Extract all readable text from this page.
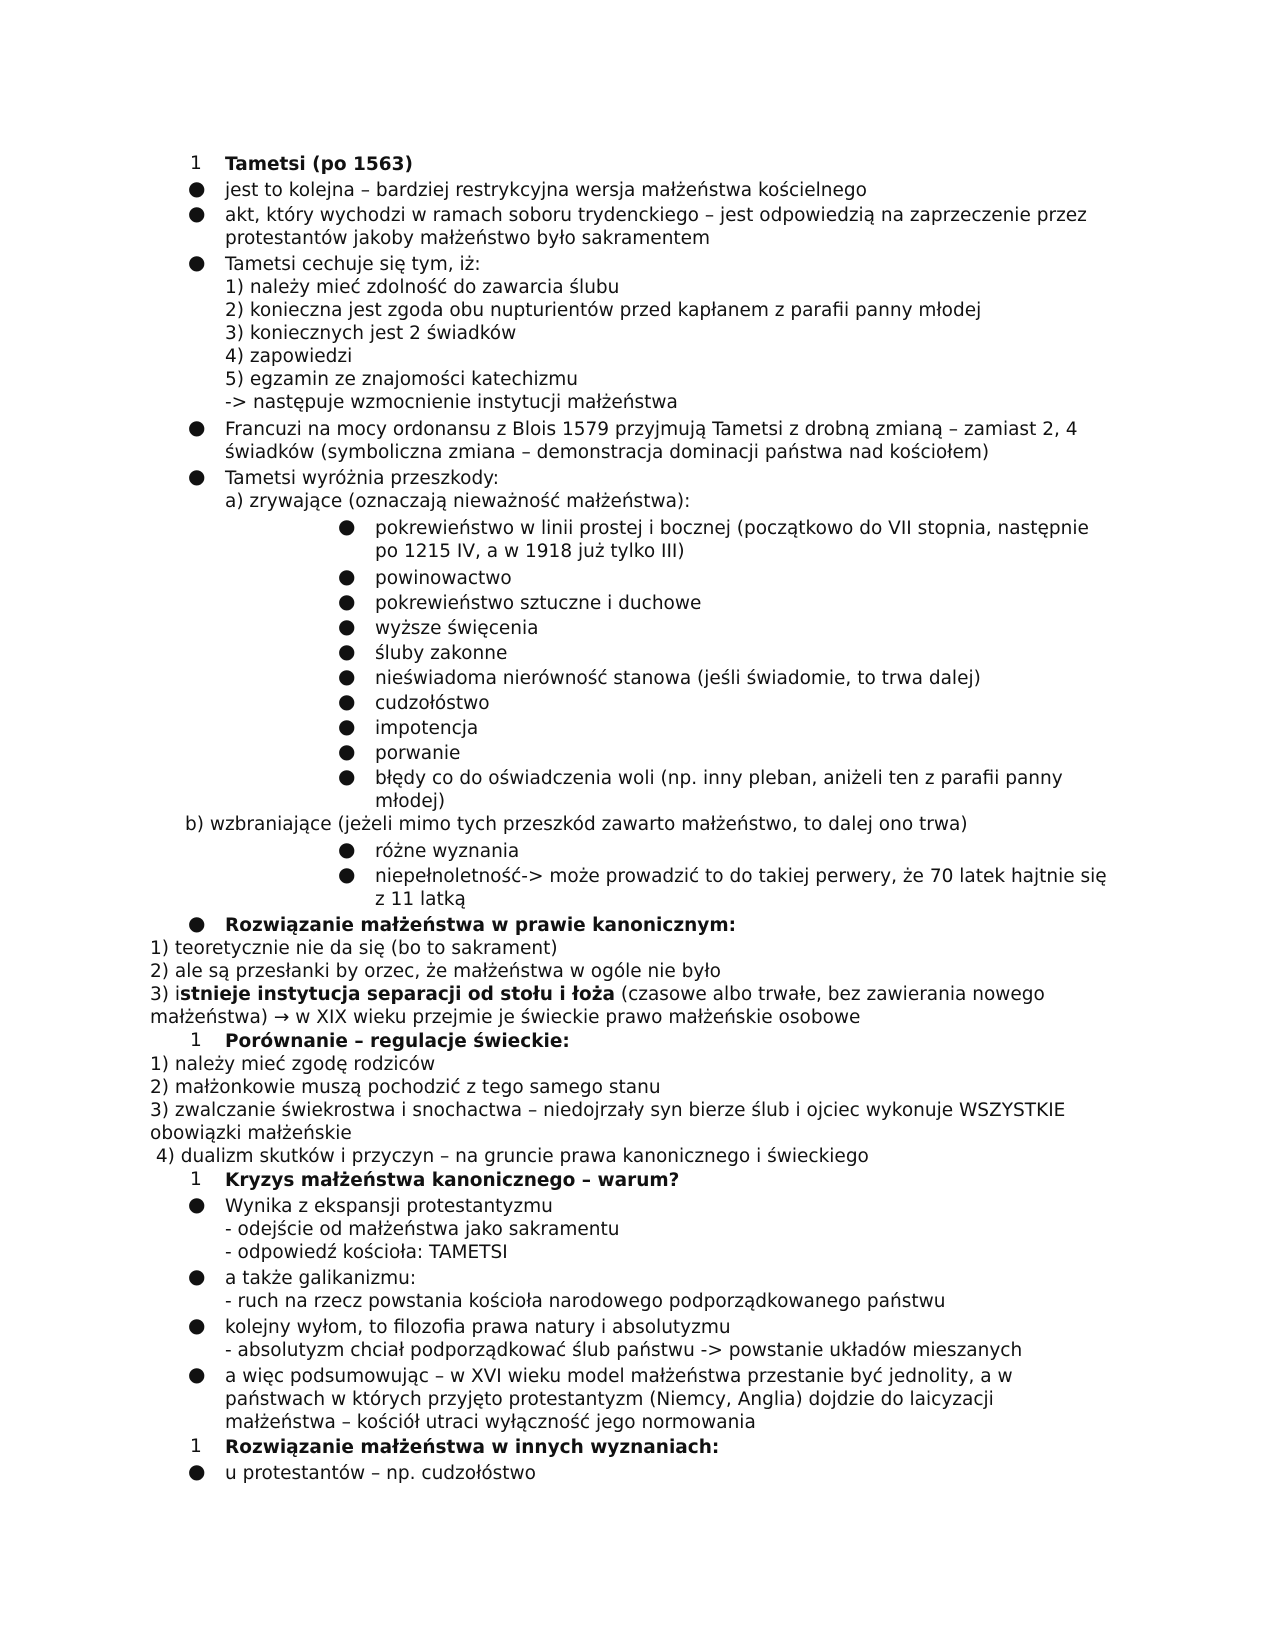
1 Tametsi (po 1563)
● jest to kolejna – bardziej restrykcyjna wersja małżeństwa kościelnego
● akt, który wychodzi w ramach soboru trydenckiego – jest odpowiedzią na zaprzeczenie przez
protestantów jakoby małżeństwo było sakramentem
● Tametsi cechuje się tym, iż:
1) należy mieć zdolność do zawarcia ślubu
2) konieczna jest zgoda obu nupturientów przed kapłanem z parafii panny młodej
3) koniecznych jest 2 świadków
4) zapowiedzi
5) egzamin ze znajomości katechizmu
-> następuje wzmocnienie instytucji małżeństwa
● Francuzi na mocy ordonansu z Blois 1579 przyjmują Tametsi z drobną zmianą – zamiast 2, 4
świadków (symboliczna zmiana – demonstracja dominacji państwa nad kościołem)
● Tametsi wyróżnia przeszkody:
a) zrywające (oznaczają nieważność małżeństwa):
● pokrewieństwo w linii prostej i bocznej (początkowo do VII stopnia, następnie
po 1215 IV, a w 1918 już tylko III)
● powinowactwo
● pokrewieństwo sztuczne i duchowe
● wyższe święcenia
● śluby zakonne
● nieświadoma nierówność stanowa (jeśli świadomie, to trwa dalej)
● cudzołóstwo
● impotencja
● porwanie
● błędy co do oświadczenia woli (np. inny pleban, aniżeli ten z parafii panny
młodej)
b) wzbraniające (jeżeli mimo tych przeszkód zawarto małżeństwo, to dalej ono trwa)
● różne wyznania
● niepełnoletność-> może prowadzić to do takiej perwery, że 70 latek hajtnie się
z 11 latką
● Rozwiązanie małżeństwa w prawie kanonicznym:
1) teoretycznie nie da się (bo to sakrament)
2) ale są przesłanki by orzec, że małżeństwa w ogóle nie było
3) istnieje instytucja separacji od stołu i łoża (czasowe albo trwałe, bez zawierania nowego
małżeństwa) → w XIX wieku przejmie je świeckie prawo małżeńskie osobowe
1 Porównanie – regulacje świeckie:
1) należy mieć zgodę rodziców
2) małżonkowie muszą pochodzić z tego samego stanu
3) zwalczanie świekrostwa i snochactwa – niedojrzały syn bierze ślub i ojciec wykonuje WSZYSTKIE
obowiązki małżeńskie
4) dualizm skutków i przyczyn – na gruncie prawa kanonicznego i świeckiego
1 Kryzys małżeństwa kanonicznego – warum?
● Wynika z ekspansji protestantyzmu
- odejście od małżeństwa jako sakramentu
- odpowiedź kościoła: TAMETSI
● a także galikanizmu:
- ruch na rzecz powstania kościoła narodowego podporządkowanego państwu
● kolejny wyłom, to filozofia prawa natury i absolutyzmu
- absolutyzm chciał podporządkować ślub państwu -> powstanie układów mieszanych
● a więc podsumowując – w XVI wieku model małżeństwa przestanie być jednolity, a w
państwach w których przyjęto protestantyzm (Niemcy, Anglia) dojdzie do laicyzacji
małżeństwa – kościół utraci wyłączność jego normowania
1 Rozwiązanie małżeństwa w innych wyznaniach:
● u protestantów – np. cudzołóstwo
